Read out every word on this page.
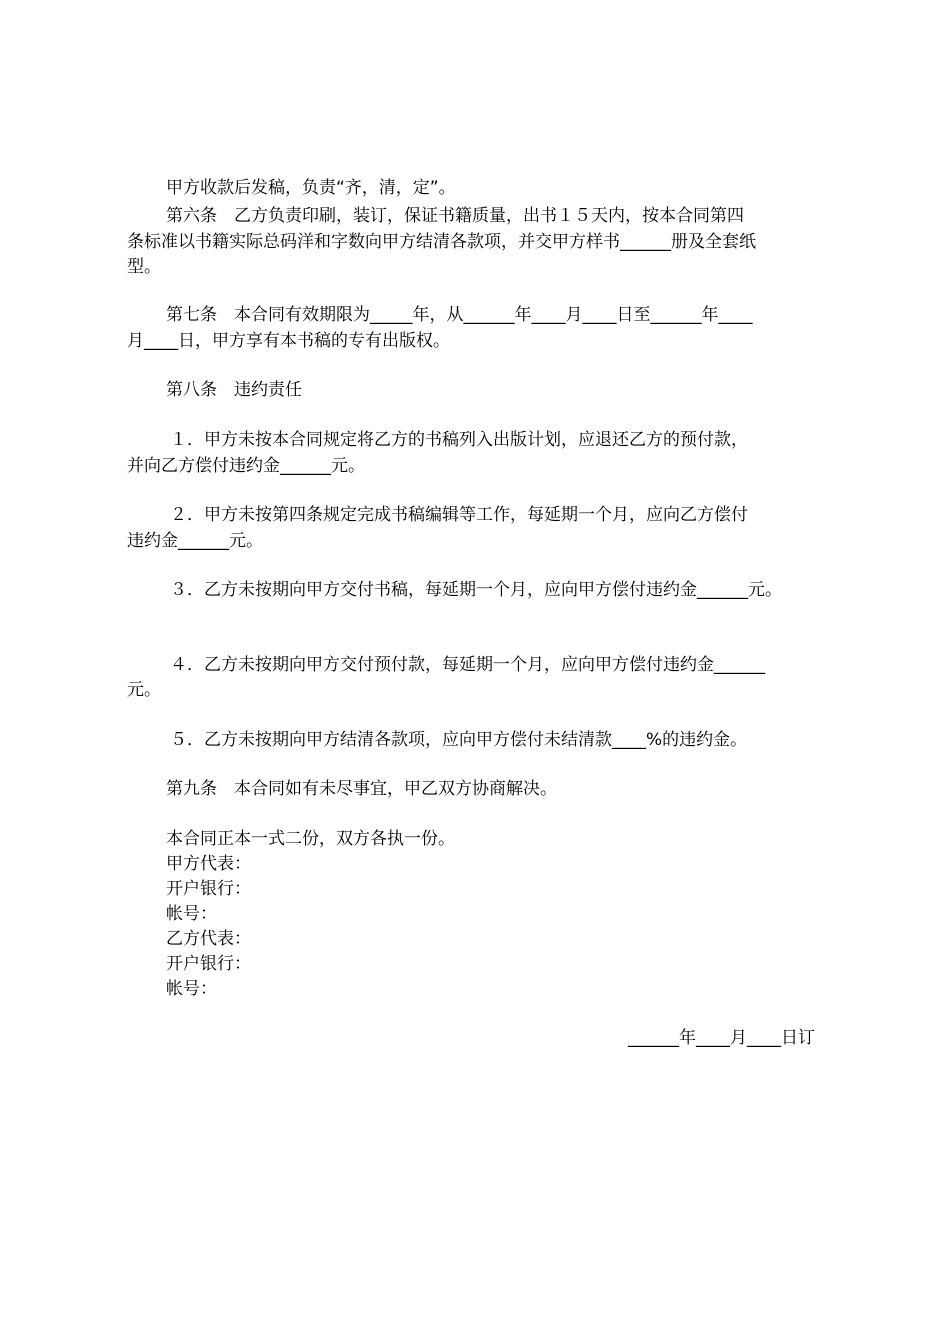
甲方收款后发稿，负责“齐，清，定”。
第六条　乙方负责印刷，装订，保证书籍质量，出书１５天内，按本合同第四
条标准以书籍实际总码洋和字数向甲方结清各款项，并交甲方样书______册及全套纸
型。
第七条　本合同有效期限为_____年，从______年____月____日至______年____
月____日，甲方享有本书稿的专有出版权。
第八条　违约责任
１．甲方未按本合同规定将乙方的书稿列入出版计划，应退还乙方的预付款，
并向乙方偿付违约金______元。
２．甲方未按第四条规定完成书稿编辑等工作，每延期一个月，应向乙方偿付
违约金______元。
３．乙方未按期向甲方交付书稿，每延期一个月，应向甲方偿付违约金______元。
４．乙方未按期向甲方交付预付款，每延期一个月，应向甲方偿付违约金______
元。
５．乙方未按期向甲方结清各款项，应向甲方偿付未结清款____%的违约金。
第九条　本合同如有未尽事宜，甲乙双方协商解决。
本合同正本一式二份，双方各执一份。
甲方代表：
开户银行：
帐号：
乙方代表：
开户银行：
帐号：
______年____月____日订
